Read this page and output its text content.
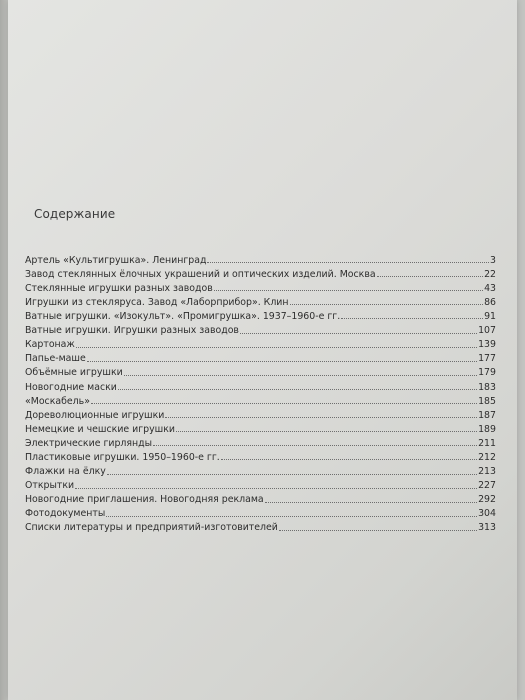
Содержание
Артель «Культигрушка». Ленинград	3
Завод стеклянных ёлочных украшений и оптических изделий. Москва	22
Стеклянные игрушки разных заводов	43
Игрушки из стекляруса. Завод «Лаборприбор». Клин	86
Ватные игрушки. «Изокульт». «Промигрушка». 1937–1960-е гг.	91
Ватные игрушки. Игрушки разных заводов	107
Картонаж	139
Папье-маше	177
Объёмные игрушки	179
Новогодние маски	183
«Москабель»	185
Дореволюционные игрушки	187
Немецкие и чешские игрушки	189
Электрические гирлянды	211
Пластиковые игрушки. 1950–1960-е гг.	212
Флажки на ёлку	213
Открытки	227
Новогодние приглашения. Новогодняя реклама	292
Фотодокументы	304
Списки литературы и предприятий-изготовителей	313
